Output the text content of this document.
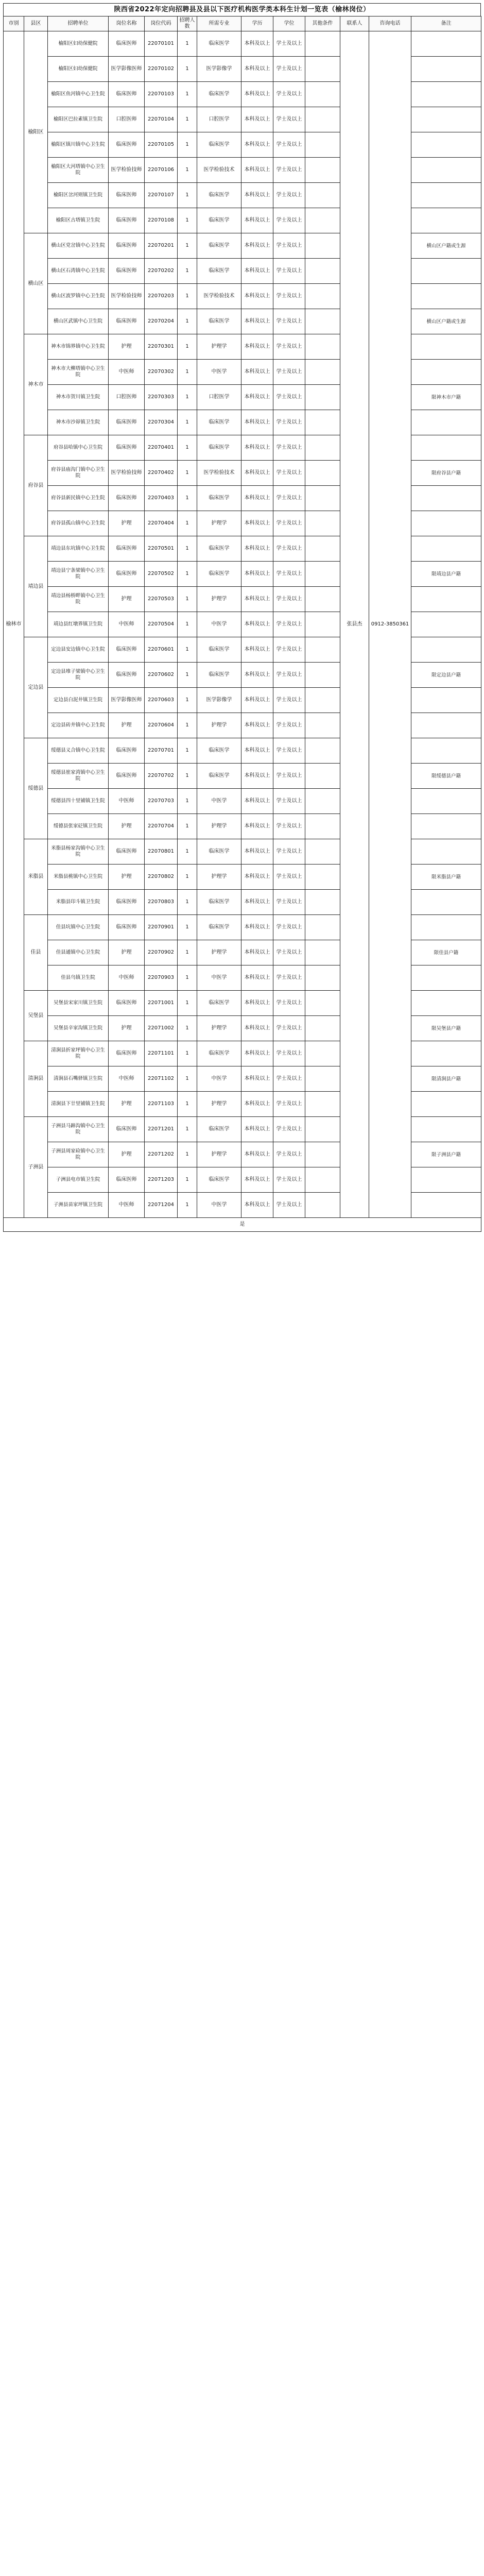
陕西省2022年定向招聘县及县以下医疗机构医学类本科生计划一览表（榆林岗位）
市别	县区	招聘单位	岗位名称	岗位代码	招聘人数	所需专业	学历	学位	其他条件	联系人	咨询电话	备注
榆林市	榆阳区	榆阳区妇幼保健院	临床医师	22070101	1	临床医学	本科及以上	学士及以上		张县杰	0912-3850361	
		榆阳区妇幼保健院	医学影像医师	22070102	1	医学影像学	本科及以上	学士及以上				
		榆阳区鱼河镇中心卫生院	临床医师	22070103	1	临床医学	本科及以上	学士及以上				
		榆阳区巴拉素镇卫生院	口腔医师	22070104	1	口腔医学	本科及以上	学士及以上				
		榆阳区镇川镇中心卫生院	临床医师	22070105	1	临床医学	本科及以上	学士及以上				
		榆阳区大河塔镇中心卫生院	医学检验技师	22070106	1	医学检验技术	本科及以上	学士及以上				
		榆阳区岔河则镇卫生院	临床医师	22070107	1	临床医学	本科及以上	学士及以上				
		榆阳区古塔镇卫生院	临床医师	22070108	1	临床医学	本科及以上	学士及以上				
	横山区	横山区党岔镇中心卫生院	临床医师	22070201	1	临床医学	本科及以上	学士及以上				横山区户籍或生源
		横山区石湾镇中心卫生院	临床医师	22070202	1	临床医学	本科及以上	学士及以上				
		横山区波罗镇中心卫生院	医学检验技师	22070203	1	医学检验技术	本科及以上	学士及以上				
		横山区武镇中心卫生院	临床医师	22070204	1	临床医学	本科及以上	学士及以上				横山区户籍或生源
	神木市	神木市锦界镇中心卫生院	护理	22070301	1	护理学	本科及以上	学士及以上				
		神木市大柳塔镇中心卫生院	中医师	22070302	1	中医学	本科及以上	学士及以上				
		神木市贺川镇卫生院	口腔医师	22070303	1	口腔医学	本科及以上	学士及以上				限神木市户籍
		神木市沙峁镇卫生院	临床医师	22070304	1	临床医学	本科及以上	学士及以上				
	府谷县	府谷县哈镇中心卫生院	临床医师	22070401	1	临床医学	本科及以上	学士及以上				
		府谷县庙沟门镇中心卫生院	医学检验技师	22070402	1	医学检验技术	本科及以上	学士及以上				限府谷县户籍
		府谷县新民镇中心卫生院	临床医师	22070403	1	临床医学	本科及以上	学士及以上				
		府谷县孤山镇中心卫生院	护理	22070404	1	护理学	本科及以上	学士及以上				
	靖边县	靖边县东坑镇中心卫生院	临床医师	22070501	1	临床医学	本科及以上	学士及以上				
		靖边县宁条梁镇中心卫生院	临床医师	22070502	1	临床医学	本科及以上	学士及以上				限靖边县户籍
		靖边县杨桥畔镇中心卫生院	护理	22070503	1	护理学	本科及以上	学士及以上				
		靖边县红墩界镇卫生院	中医师	22070504	1	中医学	本科及以上	学士及以上				
	定边县	定边县安边镇中心卫生院	临床医师	22070601	1	临床医学	本科及以上	学士及以上				
		定边县堆子梁镇中心卫生院	临床医师	22070602	1	临床医学	本科及以上	学士及以上				限定边县户籍
		定边县白泥井镇卫生院	医学影像医师	22070603	1	医学影像学	本科及以上	学士及以上				
		定边县砖井镇中心卫生院	护理	22070604	1	护理学	本科及以上	学士及以上				
	绥德县	绥德县义合镇中心卫生院	临床医师	22070701	1	临床医学	本科及以上	学士及以上				
		绥德县崔家湾镇中心卫生院	临床医师	22070702	1	临床医学	本科及以上	学士及以上				限绥德县户籍
		绥德县四十里铺镇卫生院	中医师	22070703	1	中医学	本科及以上	学士及以上				
		绥德县张家砭镇卫生院	护理	22070704	1	护理学	本科及以上	学士及以上				
	米脂县	米脂县杨家沟镇中心卫生院	临床医师	22070801	1	临床医学	本科及以上	学士及以上				
		米脂县桃镇中心卫生院	护理	22070802	1	护理学	本科及以上	学士及以上				限米脂县户籍
		米脂县印斗镇卫生院	临床医师	22070803	1	临床医学	本科及以上	学士及以上				
	佳县	佳县坑镇中心卫生院	临床医师	22070901	1	临床医学	本科及以上	学士及以上				
		佳县通镇中心卫生院	护理	22070902	1	护理学	本科及以上	学士及以上				限佳县户籍
		佳县乌镇卫生院	中医师	22070903	1	中医学	本科及以上	学士及以上				
	吴堡县	吴堡县宋家川镇卫生院	临床医师	22071001	1	临床医学	本科及以上	学士及以上				
		吴堡县辛家沟镇卫生院	护理	22071002	1	护理学	本科及以上	学士及以上				限吴堡县户籍
	清涧县	清涧县折家坪镇中心卫生院	临床医师	22071101	1	临床医学	本科及以上	学士及以上				
		清涧县石嘴驿镇卫生院	中医师	22071102	1	中医学	本科及以上	学士及以上				限清涧县户籍
		清涧县下廿里铺镇卫生院	护理	22071103	1	护理学	本科及以上	学士及以上				
	子洲县	子洲县马蹄沟镇中心卫生院	临床医师	22071201	1	临床医学	本科及以上	学士及以上				
		子洲县周家硷镇中心卫生院	护理	22071202	1	护理学	本科及以上	学士及以上				限子洲县户籍
		子洲县电市镇卫生院	临床医师	22071203	1	临床医学	本科及以上	学士及以上				
		子洲县苗家坪镇卫生院	中医师	22071204	1	中医学	本科及以上	学士及以上				
是												
